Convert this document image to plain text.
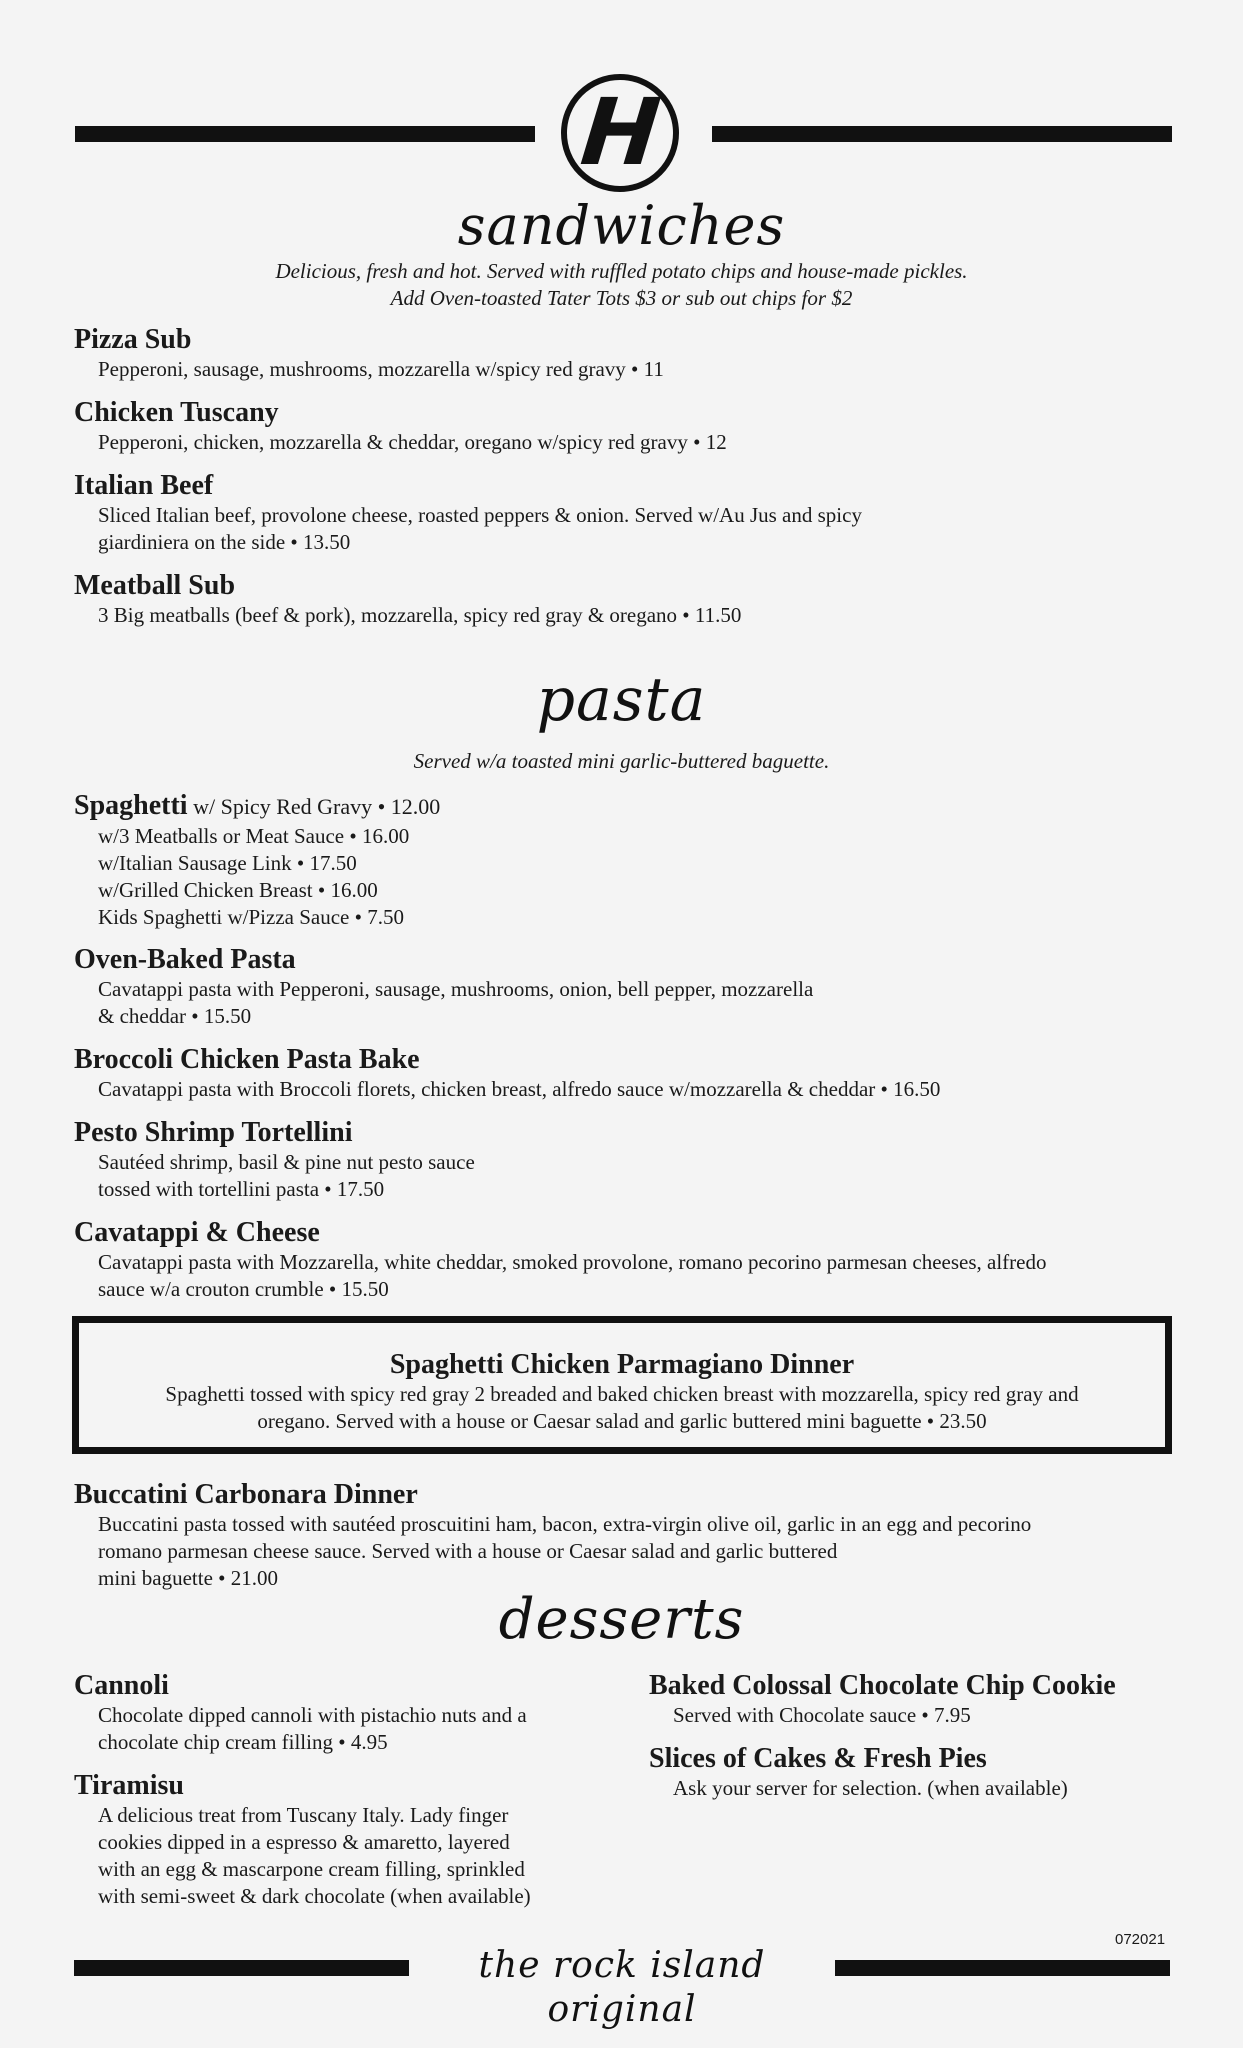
H
sandwiches
Delicious, fresh and hot. Served with ruffled potato chips and house-made pickles.
Add Oven-toasted Tater Tots $3 or sub out chips for $2
Pizza Sub
Pepperoni, sausage, mushrooms, mozzarella w/spicy red gravy • 11
Chicken Tuscany
Pepperoni, chicken, mozzarella & cheddar, oregano w/spicy red gravy • 12
Italian Beef
Sliced Italian beef, provolone cheese, roasted peppers & onion. Served w/Au Jus and spicy
giardiniera on the side • 13.50
Meatball Sub
3 Big meatballs (beef & pork), mozzarella, spicy red gray & oregano • 11.50
pasta
Served w/a toasted mini garlic-buttered baguette.
Spaghetti w/ Spicy Red Gravy • 12.00
w/3 Meatballs or Meat Sauce • 16.00
w/Italian Sausage Link • 17.50
w/Grilled Chicken Breast • 16.00
Kids Spaghetti w/Pizza Sauce • 7.50
Oven-Baked Pasta
Cavatappi pasta with Pepperoni, sausage, mushrooms, onion, bell pepper, mozzarella
& cheddar • 15.50
Broccoli Chicken Pasta Bake
Cavatappi pasta with Broccoli florets, chicken breast, alfredo sauce w/mozzarella & cheddar • 16.50
Pesto Shrimp Tortellini
Sautéed shrimp, basil & pine nut pesto sauce
tossed with tortellini pasta • 17.50
Cavatappi & Cheese
Cavatappi pasta with Mozzarella, white cheddar, smoked provolone, romano pecorino parmesan cheeses, alfredo
sauce w/a crouton crumble • 15.50
Spaghetti Chicken Parmagiano Dinner
Spaghetti tossed with spicy red gray 2 breaded and baked chicken breast with mozzarella, spicy red gray and
oregano. Served with a house or Caesar salad and garlic buttered mini baguette • 23.50
Buccatini Carbonara Dinner
Buccatini pasta tossed with sautéed proscuitini ham, bacon, extra-virgin olive oil, garlic in an egg and pecorino
romano parmesan cheese sauce. Served with a house or Caesar salad and garlic buttered
mini baguette • 21.00
desserts
Cannoli
Chocolate dipped cannoli with pistachio nuts and a
chocolate chip cream filling • 4.95
Tiramisu
A delicious treat from Tuscany Italy. Lady finger
cookies dipped in a espresso & amaretto, layered
with an egg & mascarpone cream filling, sprinkled
with semi-sweet & dark chocolate (when available)
Baked Colossal Chocolate Chip Cookie
Served with Chocolate sauce • 7.95
Slices of Cakes & Fresh Pies
Ask your server for selection. (when available)
072021
the rock island original
